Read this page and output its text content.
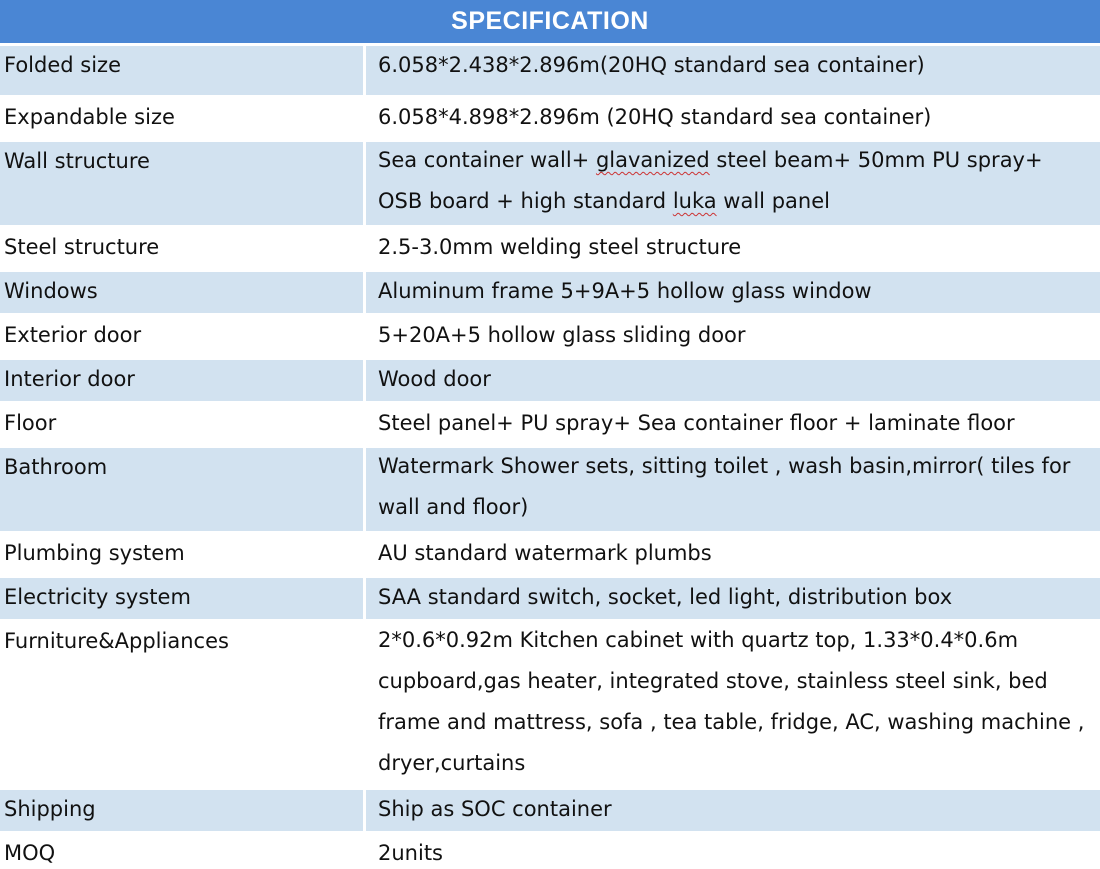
SPECIFICATION
Folded size	6.058*2.438*2.896m(20HQ standard sea container)
Expandable size	6.058*4.898*2.896m (20HQ standard sea container)
Wall structure	Sea container wall+ glavanized steel beam+ 50mm PU spray+ OSB board + high standard luka wall panel
Steel structure	2.5-3.0mm welding steel structure
Windows	Aluminum frame 5+9A+5 hollow glass window
Exterior door	5+20A+5 hollow glass sliding door
Interior door	Wood door
Floor	Steel panel+ PU spray+ Sea container floor + laminate floor
Bathroom	Watermark Shower sets, sitting toilet , wash basin,mirror( tiles for wall and floor)
Plumbing system	AU standard watermark plumbs
Electricity system	SAA standard switch, socket, led light, distribution box
Furniture&Appliances	2*0.6*0.92m Kitchen cabinet with quartz top, 1.33*0.4*0.6m cupboard,gas heater, integrated stove, stainless steel sink, bed frame and mattress, sofa , tea table, fridge, AC, washing machine , dryer,curtains
Shipping	Ship as SOC container
MOQ	2units
